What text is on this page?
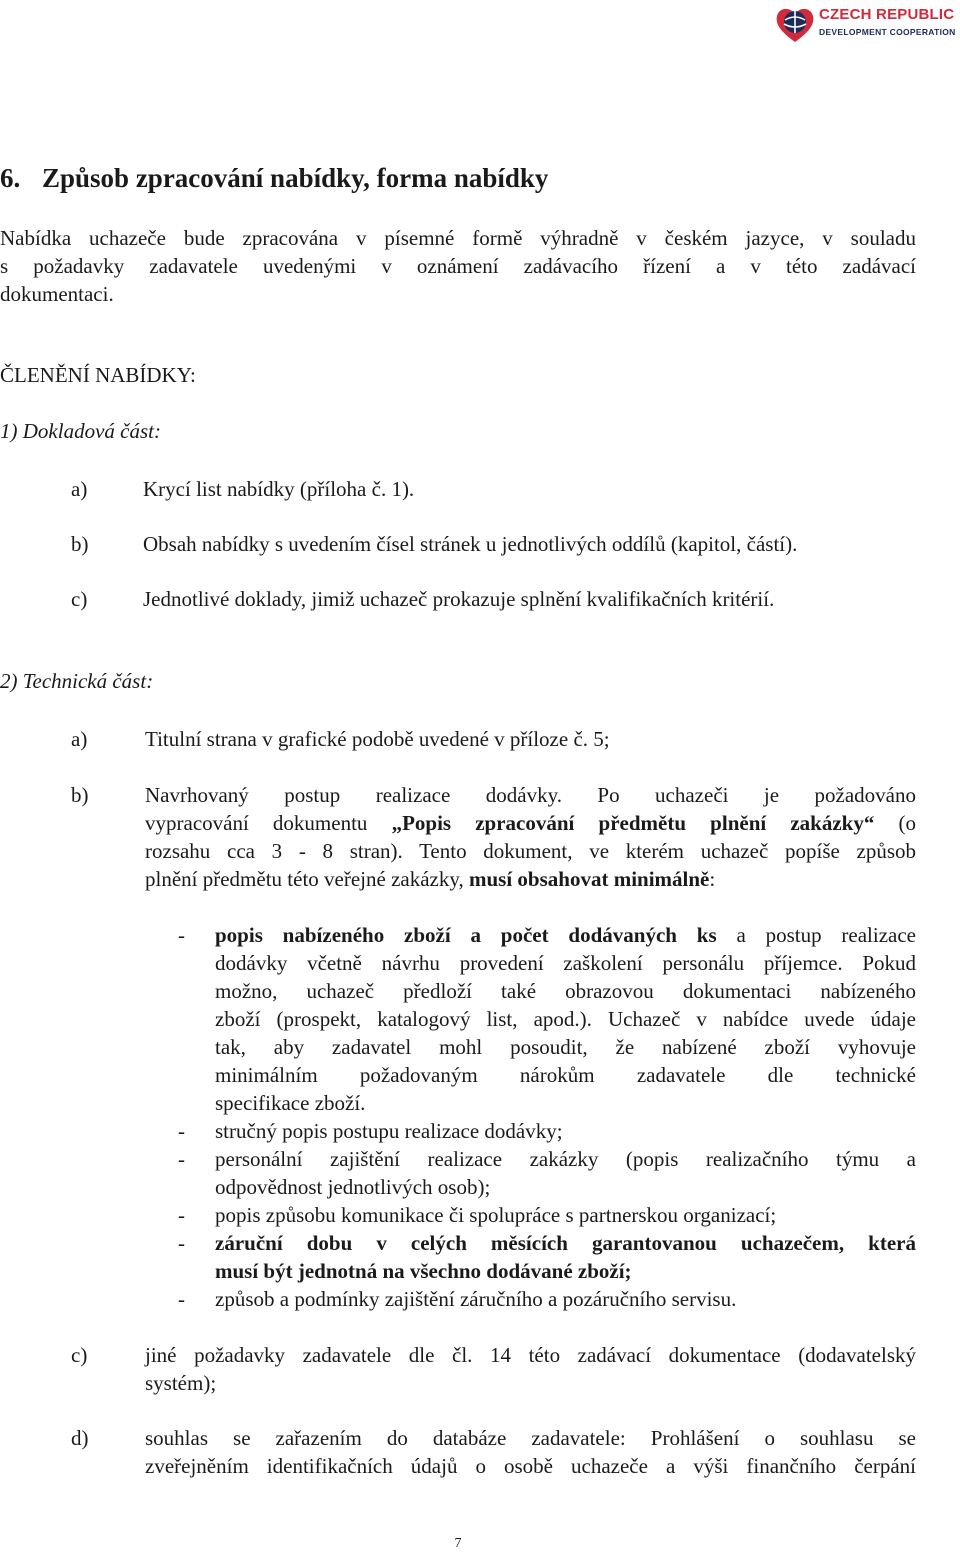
CZECH REPUBLIC
DEVELOPMENT COOPERATION
6. Způsob zpracování nabídky, forma nabídky
Nabídka uchazeče bude zpracována v písemné formě výhradně v českém jazyce, v souladu
s požadavky zadavatele uvedenými v oznámení zadávacího řízení a v této zadávací
dokumentaci.
ČLENĚNÍ NABÍDKY:
1) Dokladová část:
a)	Krycí list nabídky (příloha č. 1).
b)	Obsah nabídky s uvedením čísel stránek u jednotlivých oddílů (kapitol, částí).
c)	Jednotlivé doklady, jimiž uchazeč prokazuje splnění kvalifikačních kritérií.
2) Technická část:
a)	Titulní strana v grafické podobě uvedené v příloze č. 5;
b)	Navrhovaný postup realizace dodávky. Po uchazeči je požadováno
vypracování dokumentu „Popis zpracování předmětu plnění zakázky“ (o
rozsahu cca 3 - 8 stran). Tento dokument, ve kterém uchazeč popíše způsob
plnění předmětu této veřejné zakázky, musí obsahovat minimálně:
- popis nabízeného zboží a počet dodávaných ks a postup realizace
dodávky včetně návrhu provedení zaškolení personálu příjemce. Pokud
možno, uchazeč předloží také obrazovou dokumentaci nabízeného
zboží (prospekt, katalogový list, apod.). Uchazeč v nabídce uvede údaje
tak, aby zadavatel mohl posoudit, že nabízené zboží vyhovuje
minimálním požadovaným nárokům zadavatele dle technické
specifikace zboží.
- stručný popis postupu realizace dodávky;
- personální zajištění realizace zakázky (popis realizačního týmu a
odpovědnost jednotlivých osob);
- popis způsobu komunikace či spolupráce s partnerskou organizací;
- záruční dobu v celých měsících garantovanou uchazečem, která
musí být jednotná na všechno dodávané zboží;
- způsob a podmínky zajištění záručního a pozáručního servisu.
c)	jiné požadavky zadavatele dle čl. 14 této zadávací dokumentace (dodavatelský
systém);
d)	souhlas se zařazením do databáze zadavatele: Prohlášení o souhlasu se
zveřejněním identifikačních údajů o osobě uchazeče a výši finančního čerpání
7
